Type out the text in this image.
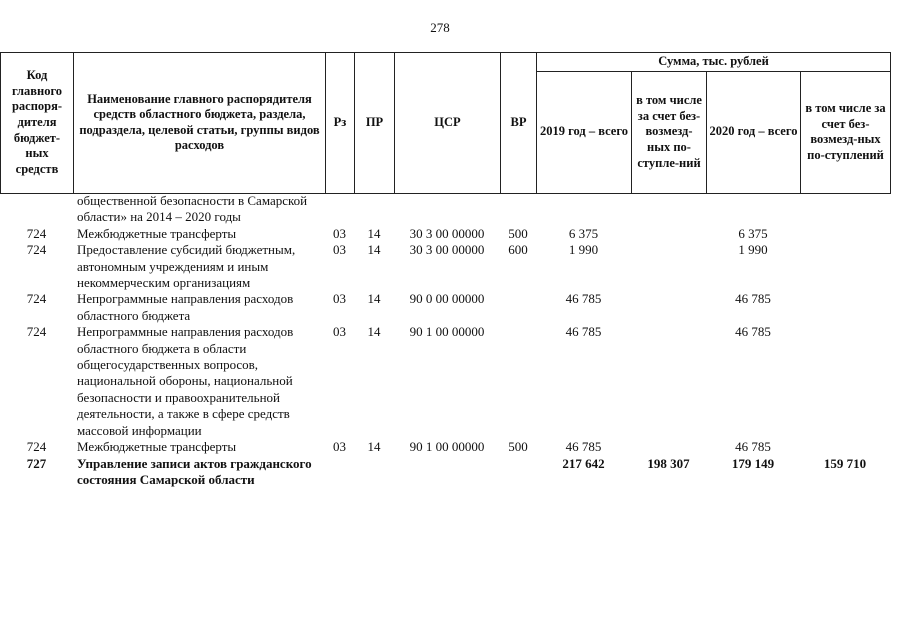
278
Код главного распоря-дителя бюджет-ных средств	Наименование главного распорядителя средств областного бюджета, раздела, подраздела, целевой статьи, группы видов расходов	Рз	ПР	ЦСР	ВР	Сумма, тыс. рублей			
						2019 год – всего	в том числе за счет без-возмезд-ных по-ступле-ний	2020 год – всего	в том числе за счет без-возмезд-ных по-ступлений
	общественной безопасности в Самарской области» на 2014 – 2020 годы								
724	Межбюджетные трансферты	03	14	30 3 00 00000	500	6 375		6 375	
724	Предоставление субсидий бюджетным, автономным учреждениям и иным некоммерческим организациям	03	14	30 3 00 00000	600	1 990		1 990	
724	Непрограммные направления расходов областного бюджета	03	14	90 0 00 00000		46 785		46 785	
724	Непрограммные направления расходов областного бюджета в области общегосударственных вопросов, национальной обороны, национальной безопасности и правоохранительной деятельности, а также в сфере средств массовой информации	03	14	90 1 00 00000		46 785		46 785	
724	Межбюджетные трансферты	03	14	90 1 00 00000	500	46 785		46 785	
727	Управление записи актов гражданского состояния Самарской области					217 642	198 307	179 149	159 710
